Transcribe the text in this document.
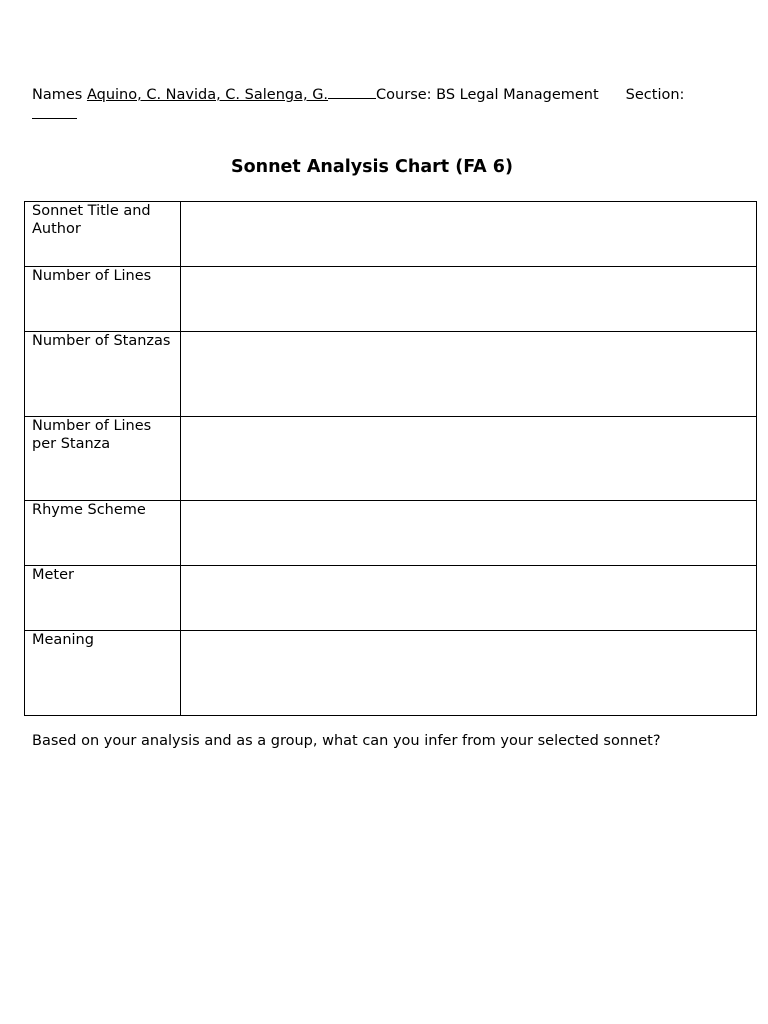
Names Aquino, C. Navida, C. Salenga, G.	Course: BS Legal Management Section:
Sonnet Analysis Chart (FA 6)
Sonnet Title and Author	

Number of Lines	

Number of Stanzas	

Number of Lines per Stanza	

Rhyme Scheme	

Meter	

Meaning	

Based on your analysis and as a group, what can you infer from your selected sonnet?
